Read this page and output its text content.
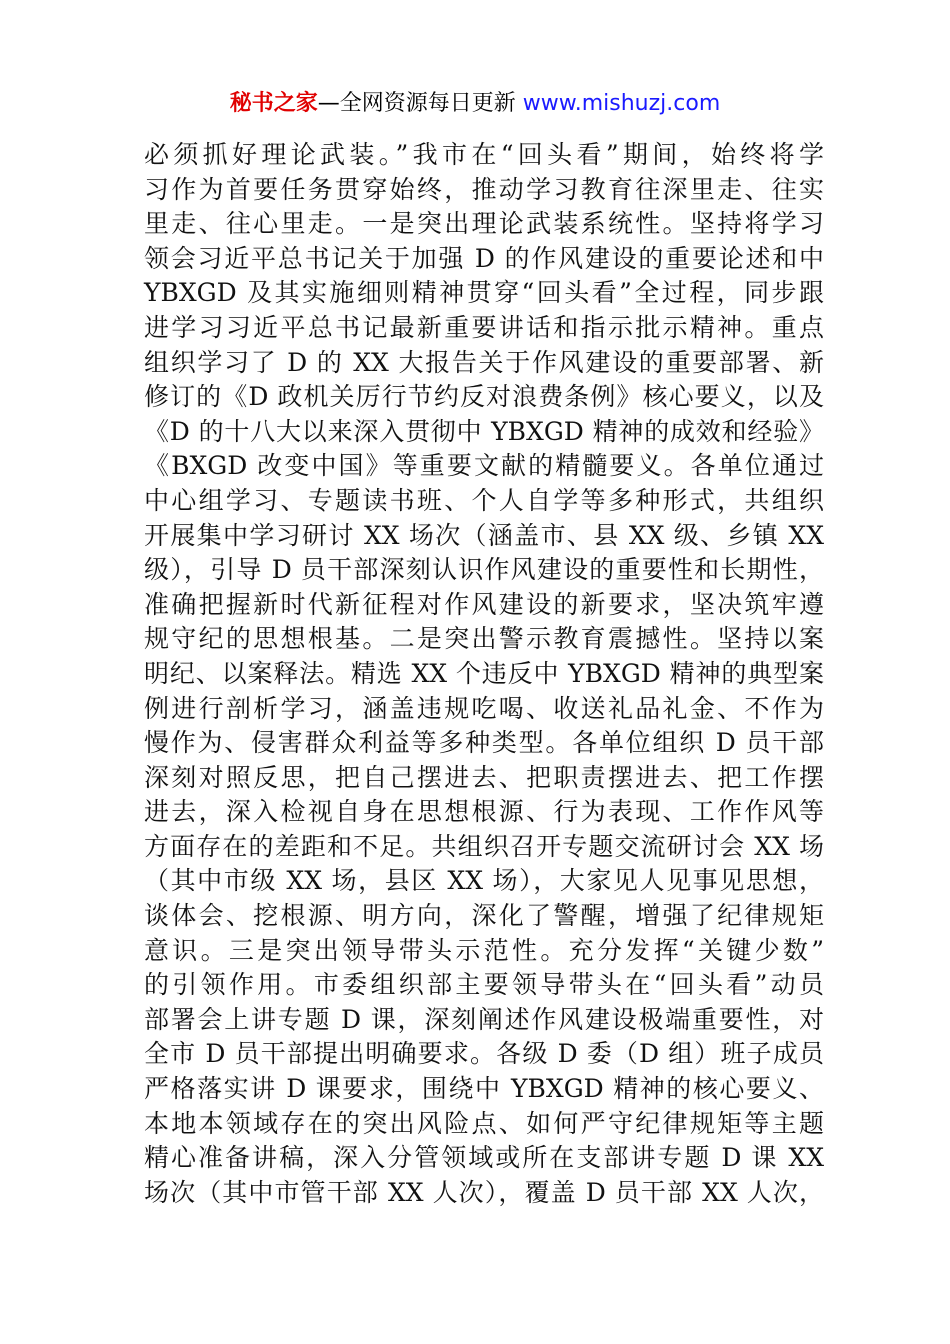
秘书之家—全网资源每日更新 www.mishuzj.com
必须抓好理论武装。”我市在“回头看”期间，始终将学
习作为首要任务贯穿始终，推动学习教育往深里走、往实
里走、往心里走。一是突出理论武装系统性。坚持将学习
领会习近平总书记关于加强 D 的作风建设的重要论述和中
YBXGD 及其实施细则精神贯穿“回头看”全过程，同步跟
进学习习近平总书记最新重要讲话和指示批示精神。重点
组织学习了 D 的 XX 大报告关于作风建设的重要部署、新
修订的《D 政机关厉行节约反对浪费条例》核心要义，以及
《D 的十八大以来深入贯彻中 YBXGD 精神的成效和经验》
《BXGD 改变中国》等重要文献的精髓要义。各单位通过
中心组学习、专题读书班、个人自学等多种形式，共组织
开展集中学习研讨 XX 场次（涵盖市、县 XX 级、乡镇 XX
级），引导 D 员干部深刻认识作风建设的重要性和长期性，
准确把握新时代新征程对作风建设的新要求，坚决筑牢遵
规守纪的思想根基。二是突出警示教育震撼性。坚持以案
明纪、以案释法。精选 XX 个违反中 YBXGD 精神的典型案
例进行剖析学习，涵盖违规吃喝、收送礼品礼金、不作为
慢作为、侵害群众利益等多种类型。各单位组织 D 员干部
深刻对照反思，把自己摆进去、把职责摆进去、把工作摆
进去，深入检视自身在思想根源、行为表现、工作作风等
方面存在的差距和不足。共组织召开专题交流研讨会 XX 场
（其中市级 XX 场，县区 XX 场），大家见人见事见思想，
谈体会、挖根源、明方向，深化了警醒，增强了纪律规矩
意识。三是突出领导带头示范性。充分发挥“关键少数”
的引领作用。市委组织部主要领导带头在“回头看”动员
部署会上讲专题 D 课，深刻阐述作风建设极端重要性，对
全市 D 员干部提出明确要求。各级 D 委（D 组）班子成员
严格落实讲 D 课要求，围绕中 YBXGD 精神的核心要义、
本地本领域存在的突出风险点、如何严守纪律规矩等主题
精心准备讲稿，深入分管领域或所在支部讲专题 D 课 XX
场次（其中市管干部 XX 人次），覆盖 D 员干部 XX 人次，
